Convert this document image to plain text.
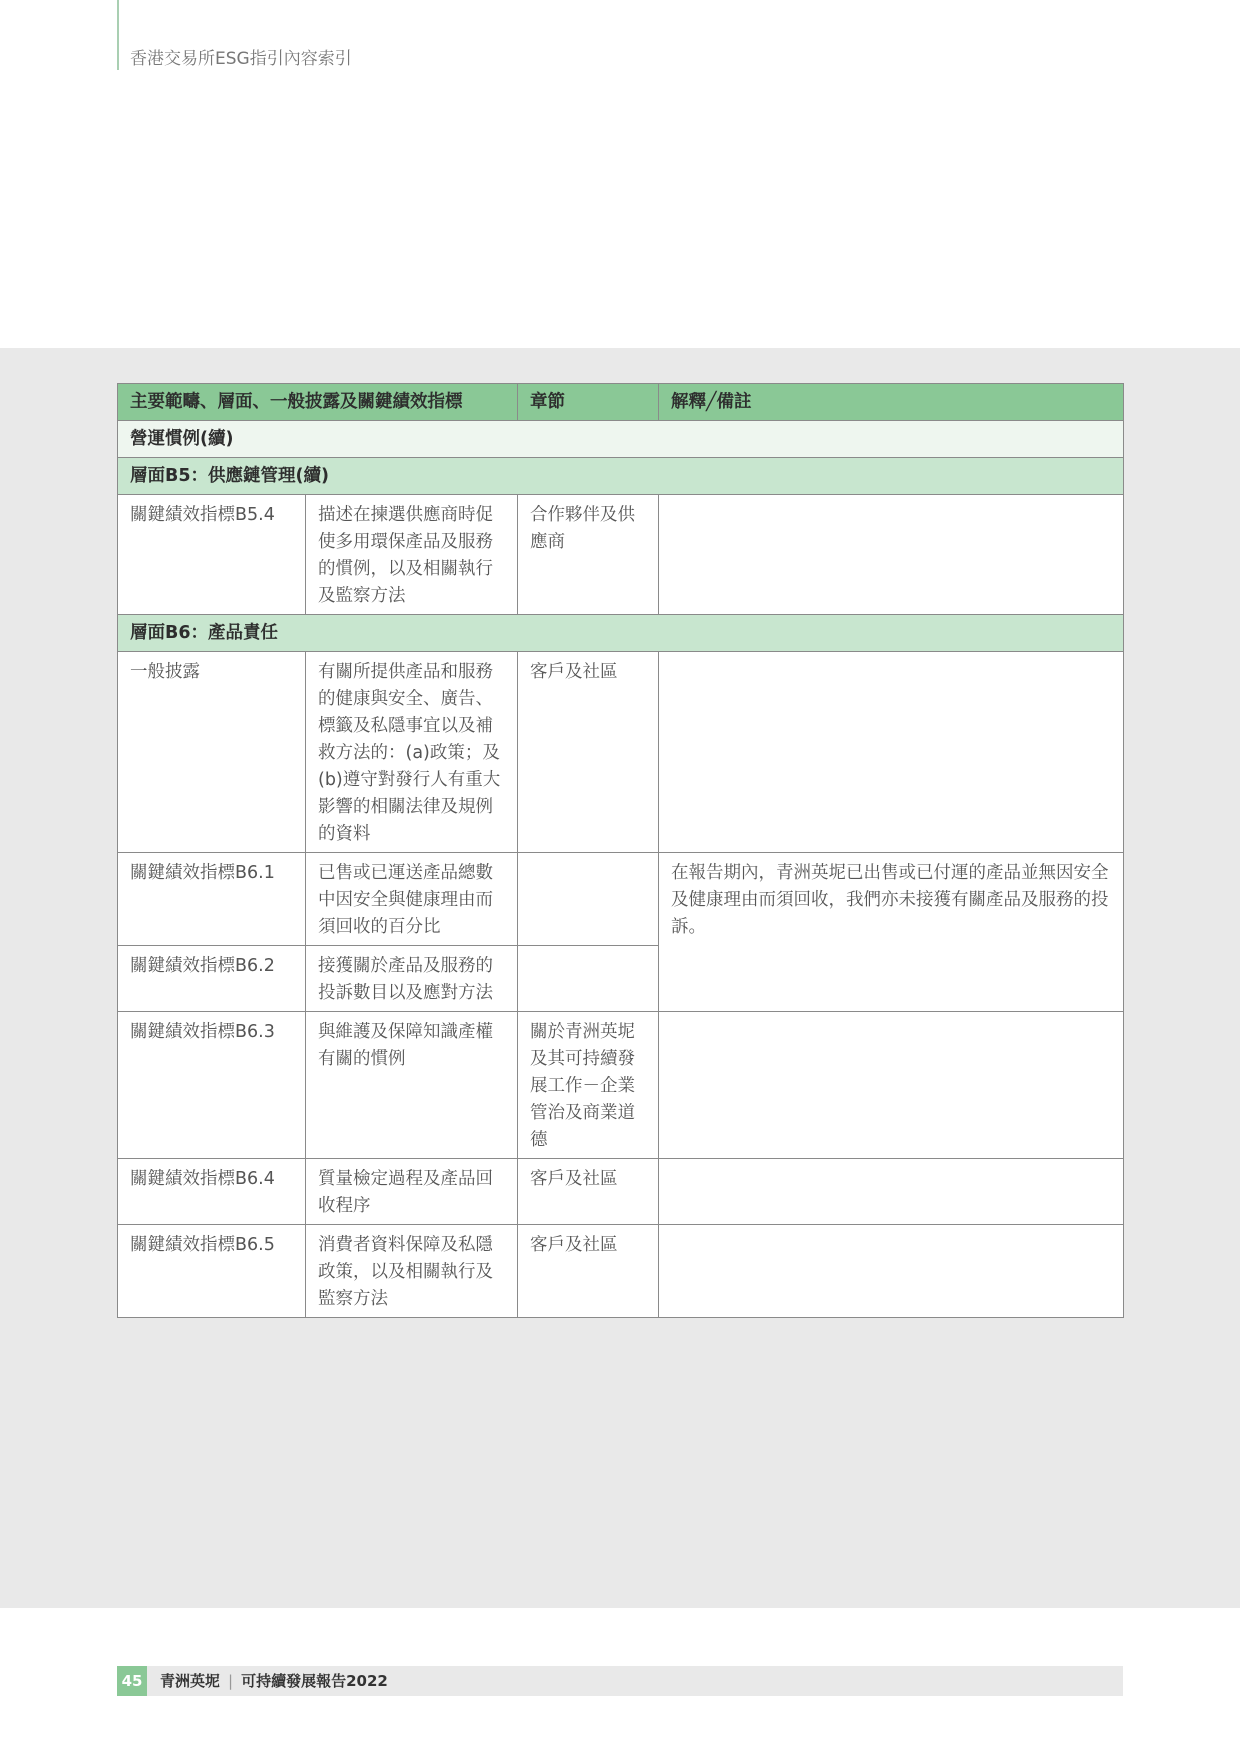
香港交易所ESG指引內容索引
主要範疇、層面、一般披露及關鍵績效指標		章節	解釋╱備註
營運慣例(續)			
層面B5：供應鏈管理(續)			
關鍵績效指標B5.4	描述在揀選供應商時促使多用環保產品及服務的慣例，以及相關執行及監察方法	合作夥伴及供應商	
層面B6：產品責任			
一般披露	有關所提供產品和服務的健康與安全、廣告、標籤及私隱事宜以及補救方法的：(a)政策；及(b)遵守對發行人有重大影響的相關法律及規例的資料	客戶及社區	
關鍵績效指標B6.1	已售或已運送產品總數中因安全與健康理由而須回收的百分比		在報告期內，青洲英坭已出售或已付運的產品並無因安全及健康理由而須回收，我們亦未接獲有關產品及服務的投訴。
關鍵績效指標B6.2	接獲關於產品及服務的投訴數目以及應對方法		
關鍵績效指標B6.3	與維護及保障知識產權有關的慣例	關於青洲英坭及其可持續發展工作－企業管治及商業道德	
關鍵績效指標B6.4	質量檢定過程及產品回收程序	客戶及社區	
關鍵績效指標B6.5	消費者資料保障及私隱政策，以及相關執行及監察方法	客戶及社區	
45	青洲英坭 | 可持續發展報告2022
